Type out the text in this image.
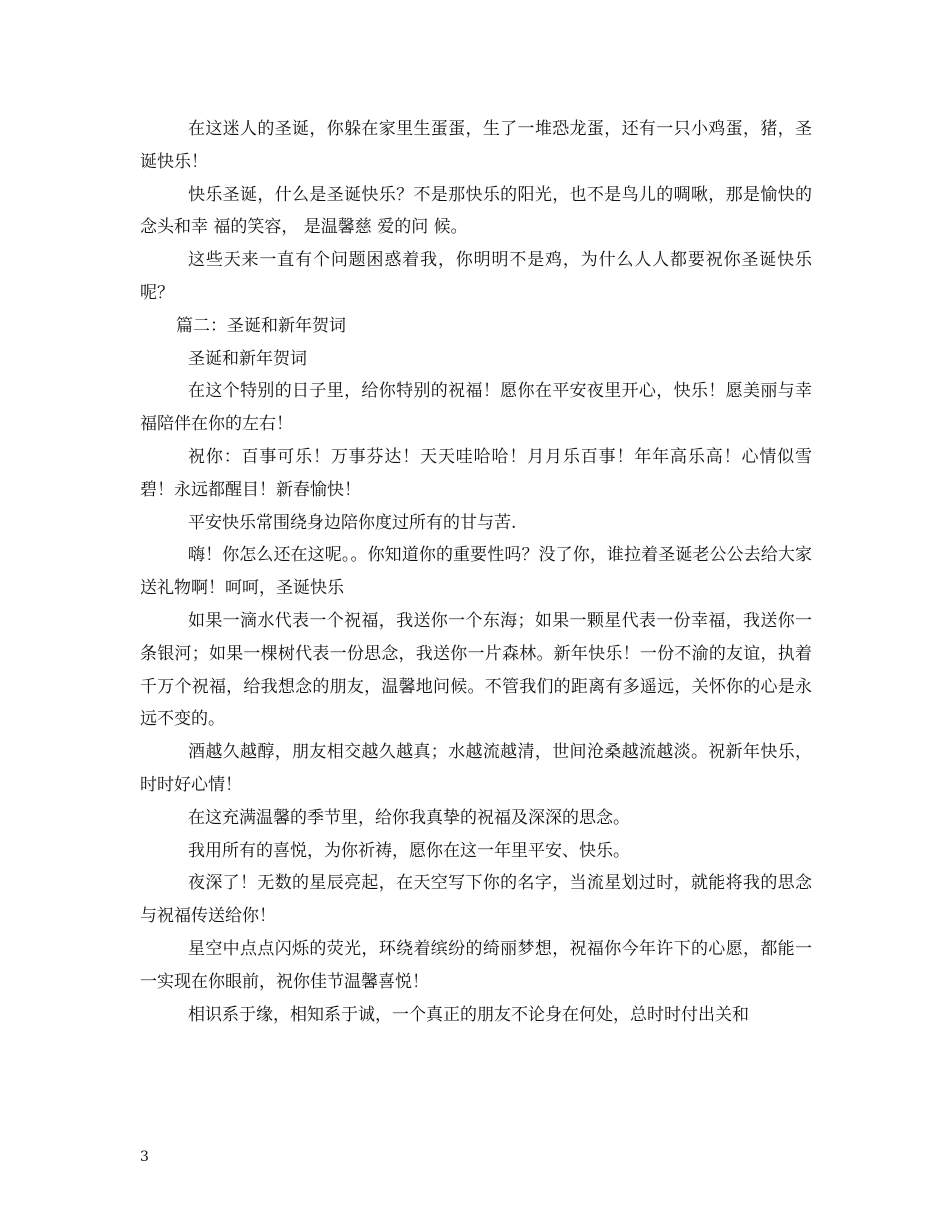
在这迷人的圣诞，你躲在家里生蛋蛋，生了一堆恐龙蛋，还有一只小鸡蛋，猪，圣诞快乐！

快乐圣诞，什么是圣诞快乐？不是那快乐的阳光，也不是鸟儿的啁啾，那是愉快的念头和幸 福的笑容， 是温馨慈 爱的问 候。

这些天来一直有个问题困惑着我，你明明不是鸡，为什么人人都要祝你圣诞快乐呢？

篇二：圣诞和新年贺词

圣诞和新年贺词

在这个特别的日子里，给你特别的祝福！愿你在平安夜里开心，快乐！愿美丽与幸福陪伴在你的左右！

祝你：百事可乐！万事芬达！天天哇哈哈！月月乐百事！年年高乐高！心情似雪碧！永远都醒目！新春愉快！

平安快乐常围绕身边陪你度过所有的甘与苦.

嗨！你怎么还在这呢。。你知道你的重要性吗？没了你，谁拉着圣诞老公公去给大家送礼物啊！呵呵，圣诞快乐

如果一滴水代表一个祝福，我送你一个东海；如果一颗星代表一份幸福，我送你一条银河；如果一棵树代表一份思念，我送你一片森林。新年快乐！一份不渝的友谊，执着千万个祝福，给我想念的朋友，温馨地问候。不管我们的距离有多遥远，关怀你的心是永远不变的。

酒越久越醇，朋友相交越久越真；水越流越清，世间沧桑越流越淡。祝新年快乐，时时好心情！

在这充满温馨的季节里，给你我真挚的祝福及深深的思念。

我用所有的喜悦，为你祈祷，愿你在这一年里平安、快乐。

夜深了！无数的星辰亮起，在天空写下你的名字，当流星划过时，就能将我的思念与祝福传送给你！

星空中点点闪烁的荧光，环绕着缤纷的绮丽梦想，祝福你今年许下的心愿，都能一一实现在你眼前，祝你佳节温馨喜悦！

相识系于缘，相知系于诚，一个真正的朋友不论身在何处，总时时付出关和

3
